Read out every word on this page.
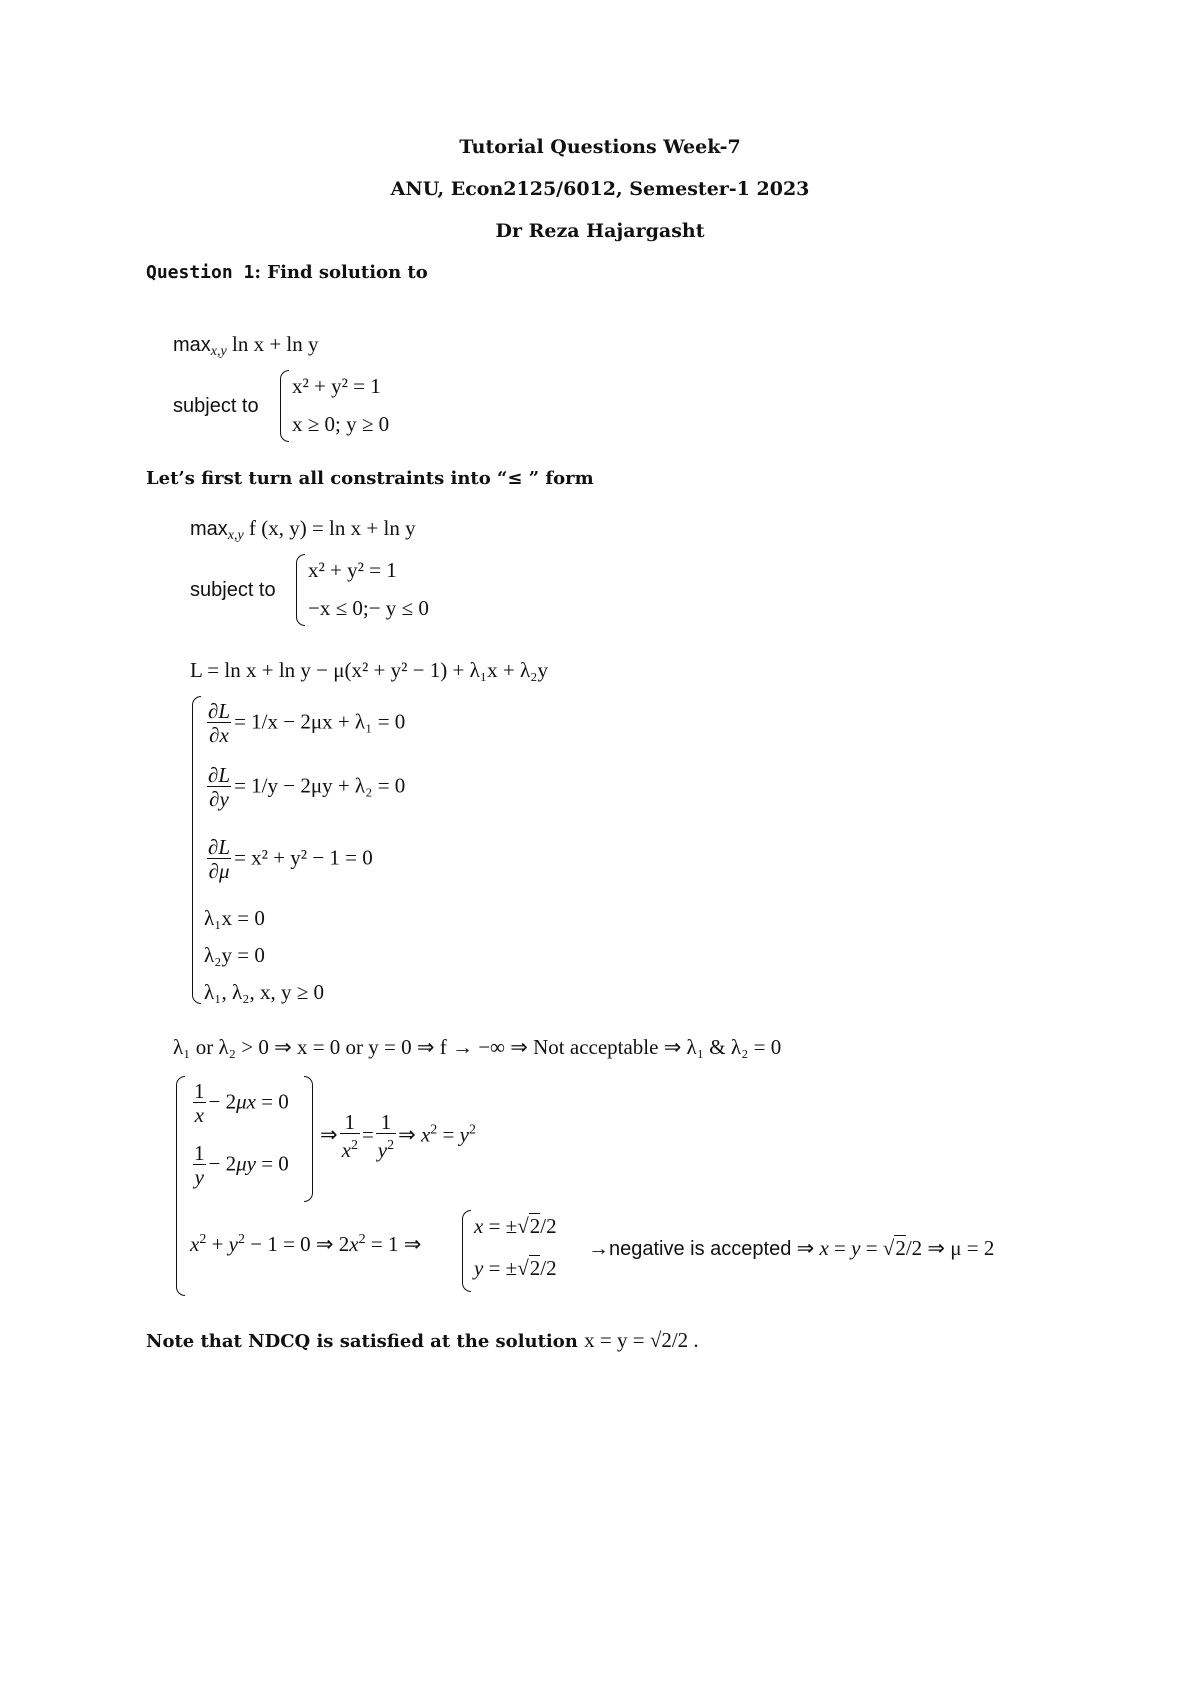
Tutorial Questions Week-7
ANU, Econ2125/6012, Semester-1 2023
Dr Reza Hajargasht
Question 1: Find solution to
$\max_{x,y} \ln x + \ln y$
subject to
x² + y² = 1
x ≥ 0; y ≥ 0
Let’s first turn all constraints into “≤ ” form
$\max_{x,y} f$ (x, y) = ln x + ln y
subject to
x² + y² = 1
−x ≤ 0;− y ≤ 0
L = ln x + ln y − μ(x² + y² − 1) + λ₁x + λ₂y
$\frac{\partial L}{\partial x} = 1/x - 2\mu x + \lambda_1 = 0$
$\frac{\partial L}{\partial y} = 1/y - 2\mu y + \lambda_2 = 0$
$\frac{\partial L}{\partial\mu} = x^2 + y^2 - 1 = 0$
λ₁x = 0
λ₂y = 0
λ₁, λ₂, x, y ≥ 0
λ₁ or λ₂ > 0 ⇒ x = 0 or y = 0 ⇒ f → −∞ ⇒ Not acceptable ⇒ λ₁ & λ₂ = 0
$\frac{1}{x} - 2\mu x = 0$
$\frac{1}{y} - 2\mu y = 0$
⇒ $\frac{1}{x^2} = \frac{1}{y^2}$ ⇒ $x^2 = y^2$
$x^2 + y^2 - 1 = 0$ ⇒ $2x^2 = 1$ ⇒
x = ±√2/2
y = ±√2/2
→negative is accepted ⇒ x = y = √2/2 ⇒ μ = 2
Note that NDCQ is satisfied at the solution x = y = √2/2 .
